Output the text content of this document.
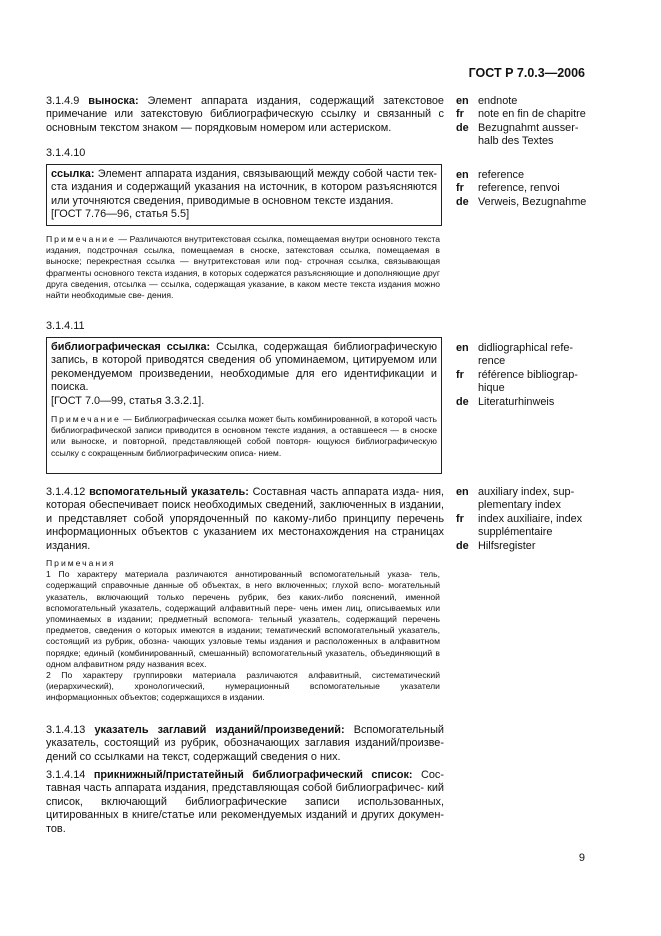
ГОСТ Р 7.0.3—2006
3.1.4.9 выноска: Элемент аппарата издания, содержащий затекстовое примечание или затекстовую библиографическую ссылку и связанный с основным текстом знаком — порядковым номером или астериском.
en endnote
fr	note en fin de chapitre
de Bezugnahmt ausser- halb des Textes
3.1.4.10
ссылка: Элемент аппарата издания, связывающий между собой части тек- ста издания и содержащий указания на источник, в котором разъясняются или уточняются сведения, приводимые в основном тексте издания.
[ГОСТ 7.76—96, статья 5.5]
en reference
fr	reference, renvoi
de Verweis, Bezugnahme

Примечание — Различаются внутритекстовая ссылка, помещаемая внутри основного текста издания, подстрочная ссылка, помещаемая в сноске, затекстовая ссылка, помещаемая в выноске; перекрестная ссылка — внутритекстовая или под- строчная ссылка, связывающая фрагменты основного текста издания, в которых содержатся разъясняющие и дополняющие друг друга сведения, отсылка — ссылка, содержащая указание, в каком месте текста издания можно найти необходимые све- дения.

3.1.4.11
библиографическая ссылка: Ссылка, содержащая библиографическую запись, в которой приводятся сведения об упоминаемом, цитируемом или рекомендуемом произведении, необходимые для его идентификации и поиска.
[ГОСТ 7.0—99, статья 3.3.2.1].
Примечание — Библиографическая ссылка может быть комбинированной, в которой часть библиографической записи приводится в основном тексте издания, а оставшееся — в сноске или выноске, и повторной, представляющей собой повторя- ющуюся библиографическую ссылку с сокращенным библиографическим описа- нием.
en didliographical refe- rence
fr	référence bibliograp- hique
de Literaturhinweis
3.1.4.12 вспомогательный указатель: Составная часть аппарата изда- ния, которая обеспечивает поиск необходимых сведений, заключенных в издании, и представляет собой упорядоченный по какому-либо принципу перечень информационных объектов с указанием их местонахождения на страницах издания.
en auxiliary index, sup- plementary index
fr	index auxiliaire, index supplémentaire
de Hilfsregister

Примечания

1 По характеру материала различаются аннотированный вспомогательный указа- тель, содержащий справочные данные об объектах, в него включенных; глухой вспо- могательный указатель, включающий только перечень рубрик, без каких-либо пояснений, именной вспомогательный указатель, содержащий алфавитный пере- чень имен лиц, описываемых или упоминаемых в издании; предметный вспомога- тельный указатель, содержащий перечень предметов, сведения о которых имеются в издании; тематический вспомогательный указатель, состоящий из рубрик, обозна- чающих узловые темы издания и расположенных в алфавитном порядке; единый (комбинированный, смешанный) вспомогательный указатель, объединяющий в одном алфавитном ряду названия всех.

2 По характеру группировки материала различаются алфавитный, систематический (иерархический), хронологический, нумерационный вспомогательные указатели информационных объектов; содержащихся в издании.

3.1.4.13 указатель заглавий изданий/произведений: Вспомогательный указатель, состоящий из рубрик, обозначающих заглавия изданий/произве- дений со ссылками на текст, содержащий сведения о них.
3.1.4.14 прикнижный/пристатейный библиографический список: Сос- тавная часть аппарата издания, представляющая собой библиографичес- кий список, включающий библиографические записи использованных, цитированных в книге/статье или рекомендуемых изданий и других докумен- тов.
9
